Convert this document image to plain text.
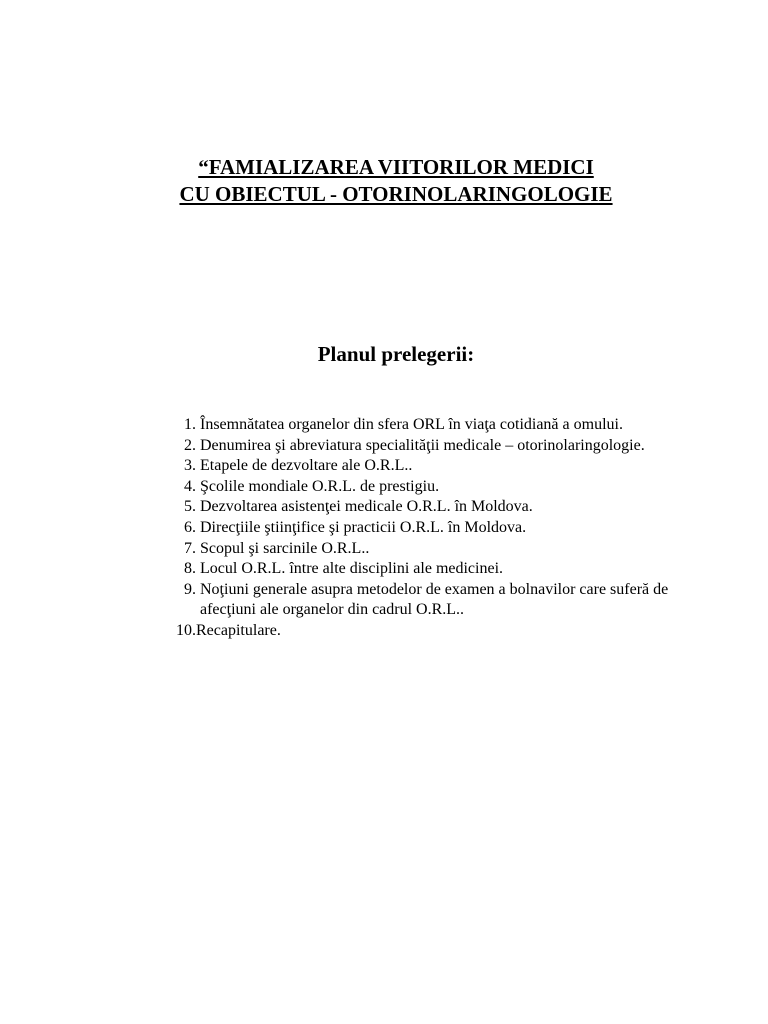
“FAMIALIZAREA VIITORILOR MEDICI
CU OBIECTUL - OTORINOLARINGOLOGIE
Planul prelegerii:
1. Însemnătatea organelor din sfera ORL în viaţa cotidiană a omului.
2. Denumirea şi abreviatura specialităţii medicale – otorinolaringologie.
3. Etapele de dezvoltare ale O.R.L..
4. Şcolile mondiale O.R.L. de prestigiu.
5. Dezvoltarea asistenţei medicale O.R.L. în Moldova.
6. Direcţiile ştiinţifice şi practicii O.R.L. în Moldova.
7. Scopul şi sarcinile O.R.L..
8. Locul O.R.L. între alte disciplini ale medicinei.
9. Noţiuni generale asupra metodelor de examen a bolnavilor care suferă de afecţiuni ale organelor din cadrul O.R.L..
10. Recapitulare.
